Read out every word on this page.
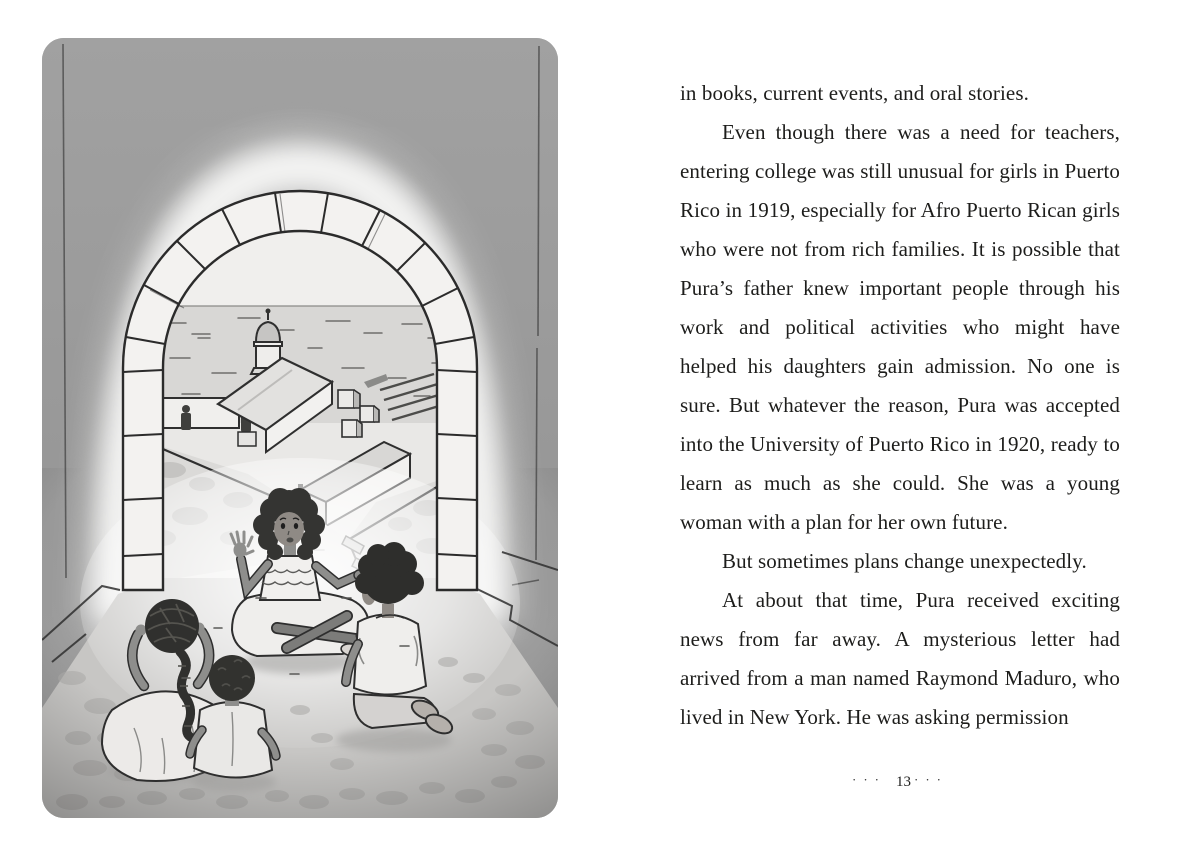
in books, current events, and oral stories.

Even though there was a need for teachers, entering college was still unusual for girls in Puerto Rico in 1919, especially for Afro Puerto Rican girls who were not from rich families. It is possible that Pura’s father knew important people through his work and political activities who might have helped his daughters gain admission. No one is sure. But whatever the reason, Pura was accepted into the University of Puerto Rico in 1920, ready to learn as much as she could. She was a young woman with a plan for her own future.

But sometimes plans change unexpectedly.

At about that time, Pura received exciting news from far away. A mysterious letter had arrived from a man named Raymond Maduro, who lived in New York. He was asking permission

··· 13 ···
